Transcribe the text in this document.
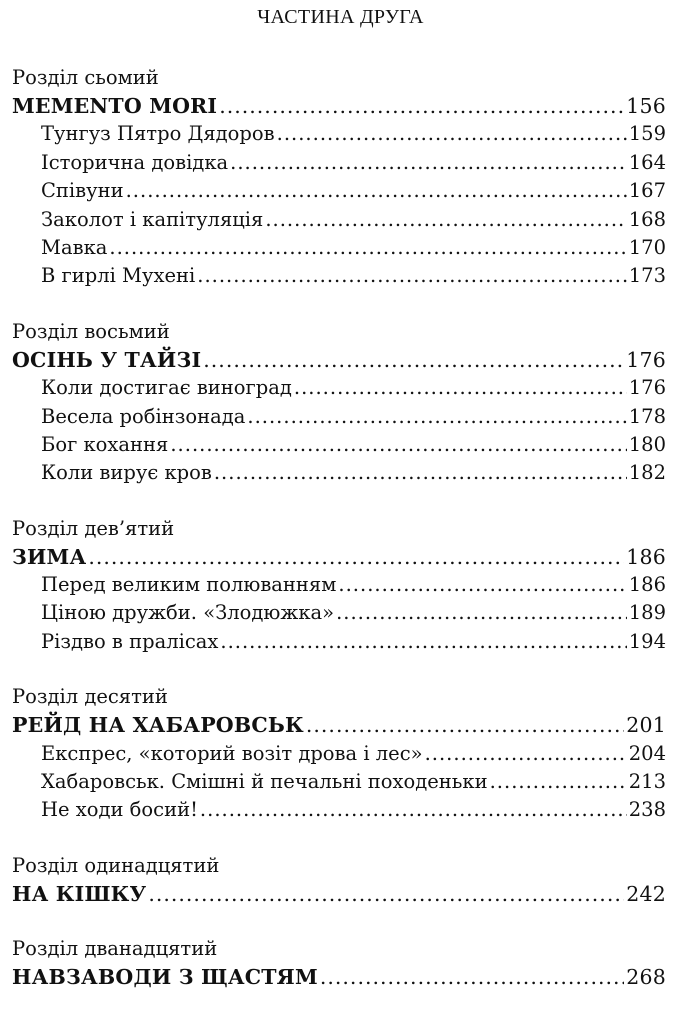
ЧАСТИНА ДРУГА
Розділ сьомий
MEMENTO MORI .....	156
Тунгуз Пятро Дядоров .....	159
Історична довідка .....	164
Співуни .....	167
Заколот і капітуляція .....	168
Мавка .....	170
В гирлі Мухені .....	173
Розділ восьмий
ОСІНЬ У ТАЙЗІ .....	176
Коли достигає виноград .....	176
Весела робінзонада .....	178
Бог кохання .....	180
Коли вирує кров .....	182
Розділ дев’ятий
ЗИМА .....	186
Перед великим полюванням .....	186
Ціною дружби. «Злодюжка» .....	189
Різдво в пралісах .....	194
Розділ десятий
РЕЙД НА ХАБАРОВСЬК .....	201
Експрес, «которий возіт дрова і лес» .....	204
Хабаровськ. Смішні й печальні походеньки .....	213
Не ходи босий! .....	238
Розділ одинадцятий
НА КІШКУ .....	242
Розділ дванадцятий
НАВЗАВОДИ З ЩАСТЯМ .....	268
